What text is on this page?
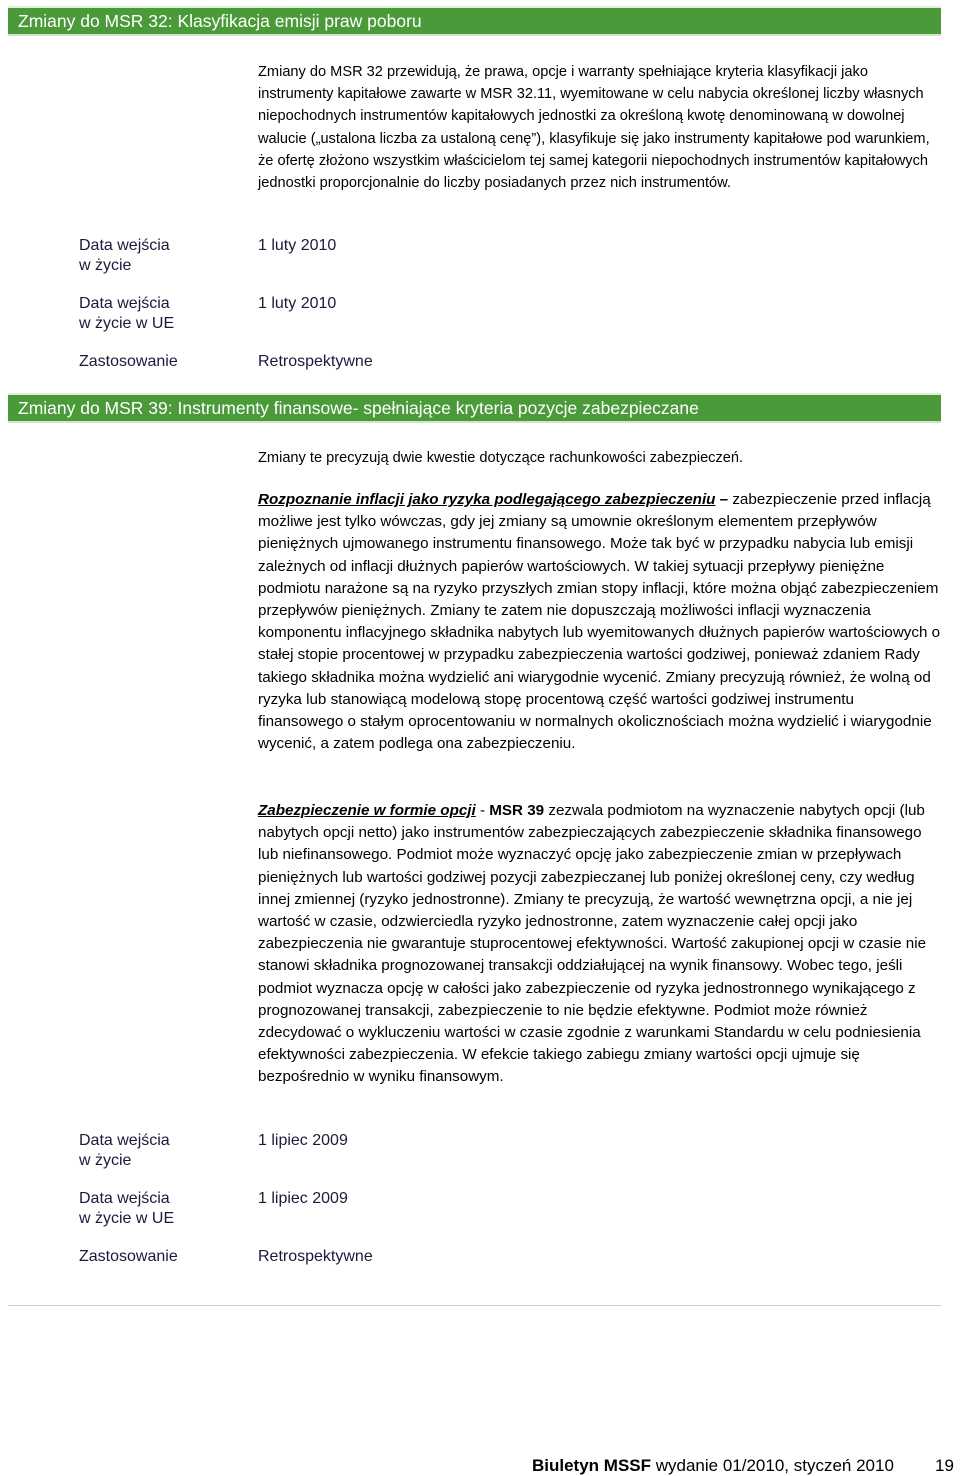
Zmiany do MSR 32: Klasyfikacja emisji praw poboru

Zmiany do MSR 32 przewidują, że prawa, opcje i warranty spełniające kryteria klasyfikacji jako instrumenty kapitałowe zawarte w MSR 32.11, wyemitowane w celu nabycia określonej liczby własnych niepochodnych instrumentów kapitałowych jednostki za określoną kwotę denominowaną w dowolnej walucie („ustalona liczba za ustaloną cenę”), klasyfikuje się jako instrumenty kapitałowe pod warunkiem, że ofertę złożono wszystkim właścicielom tej samej kategorii niepochodnych instrumentów kapitałowych jednostki proporcjonalnie do liczby posiadanych przez nich instrumentów.

Data wejścia
w życie
1 luty 2010
Data wejścia
w życie w UE
1 luty 2010
Zastosowanie	Retrospektywne
Zmiany do MSR 39: Instrumenty finansowe- spełniające kryteria pozycje zabezpieczane

Zmiany te precyzują dwie kwestie dotyczące rachunkowości zabezpieczeń.

Rozpoznanie inflacji jako ryzyka podlegającego zabezpieczeniu – zabezpieczenie przed inflacją możliwe jest tylko wówczas, gdy jej zmiany są umownie określonym elementem przepływów pieniężnych ujmowanego instrumentu finansowego. Może tak być w przypadku nabycia lub emisji zależnych od inflacji dłużnych papierów wartościowych. W takiej sytuacji przepływy pieniężne podmiotu narażone są na ryzyko przyszłych zmian stopy inflacji, które można objąć zabezpieczeniem przepływów pieniężnych. Zmiany te zatem nie dopuszczają możliwości inflacji wyznaczenia komponentu inflacyjnego składnika nabytych lub wyemitowanych dłużnych papierów wartościowych o stałej stopie procentowej w przypadku zabezpieczenia wartości godziwej, ponieważ zdaniem Rady takiego składnika można wydzielić ani wiarygodnie wycenić. Zmiany precyzują również, że wolną od ryzyka lub stanowiącą modelową stopę procentową część wartości godziwej instrumentu finansowego o stałym oprocentowaniu w normalnych okolicznościach można wydzielić i wiarygodnie wycenić, a zatem podlega ona zabezpieczeniu.

Zabezpieczenie w formie opcji - MSR 39 zezwala podmiotom na wyznaczenie nabytych opcji (lub nabytych opcji netto) jako instrumentów zabezpieczających zabezpieczenie składnika finansowego lub niefinansowego. Podmiot może wyznaczyć opcję jako zabezpieczenie zmian w przepływach pieniężnych lub wartości godziwej pozycji zabezpieczanej lub poniżej określonej ceny, czy według innej zmiennej (ryzyko jednostronne). Zmiany te precyzują, że wartość wewnętrzna opcji, a nie jej wartość w czasie, odzwierciedla ryzyko jednostronne, zatem wyznaczenie całej opcji jako zabezpieczenia nie gwarantuje stuprocentowej efektywności. Wartość zakupionej opcji w czasie nie stanowi składnika prognozowanej transakcji oddziałującej na wynik finansowy. Wobec tego, jeśli podmiot wyznacza opcję w całości jako zabezpieczenie od ryzyka jednostronnego wynikającego z prognozowanej transakcji, zabezpieczenie to nie będzie efektywne. Podmiot może również zdecydować o wykluczeniu wartości w czasie zgodnie z warunkami Standardu w celu podniesienia efektywności zabezpieczenia. W efekcie takiego zabiegu zmiany wartości opcji ujmuje się bezpośrednio w wyniku finansowym.

Data wejścia
w życie
1 lipiec 2009
Data wejścia
w życie w UE
1 lipiec 2009
Zastosowanie	Retrospektywne
Biuletyn MSSF wydanie 01/2010, styczeń 2010 19
